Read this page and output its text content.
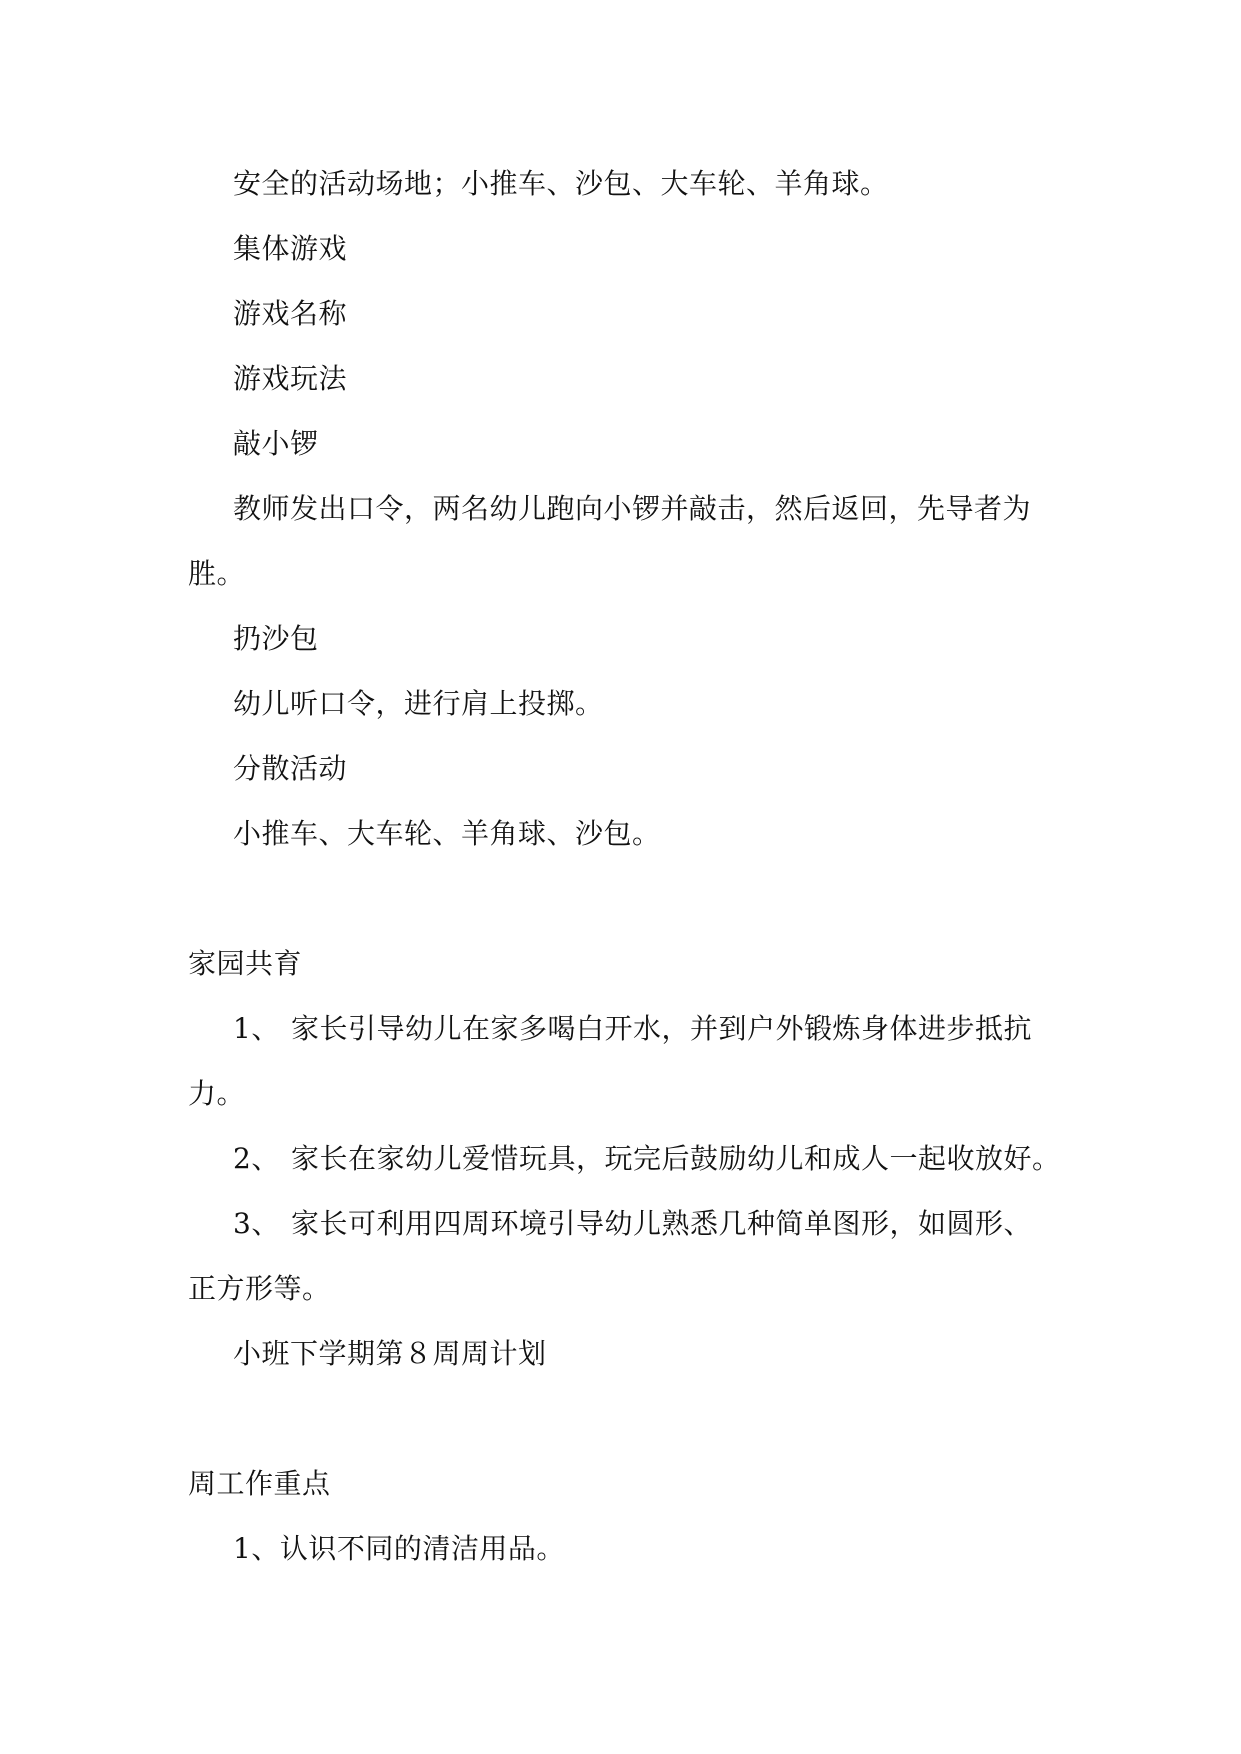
安全的活动场地；小推车、沙包、大车轮、羊角球。
集体游戏
游戏名称
游戏玩法
敲小锣
教师发出口令，两名幼儿跑向小锣并敲击，然后返回，先导者为
胜。
扔沙包
幼儿听口令，进行肩上投掷。
分散活动
小推车、大车轮、羊角球、沙包。
家园共育
1、 家长引导幼儿在家多喝白开水，并到户外锻炼身体进步抵抗
力。
2、 家长在家幼儿爱惜玩具，玩完后鼓励幼儿和成人一起收放好。
3、 家长可利用四周环境引导幼儿熟悉几种简单图形，如圆形、
正方形等。
小班下学期第８周周计划
周工作重点
1、认识不同的清洁用品。
